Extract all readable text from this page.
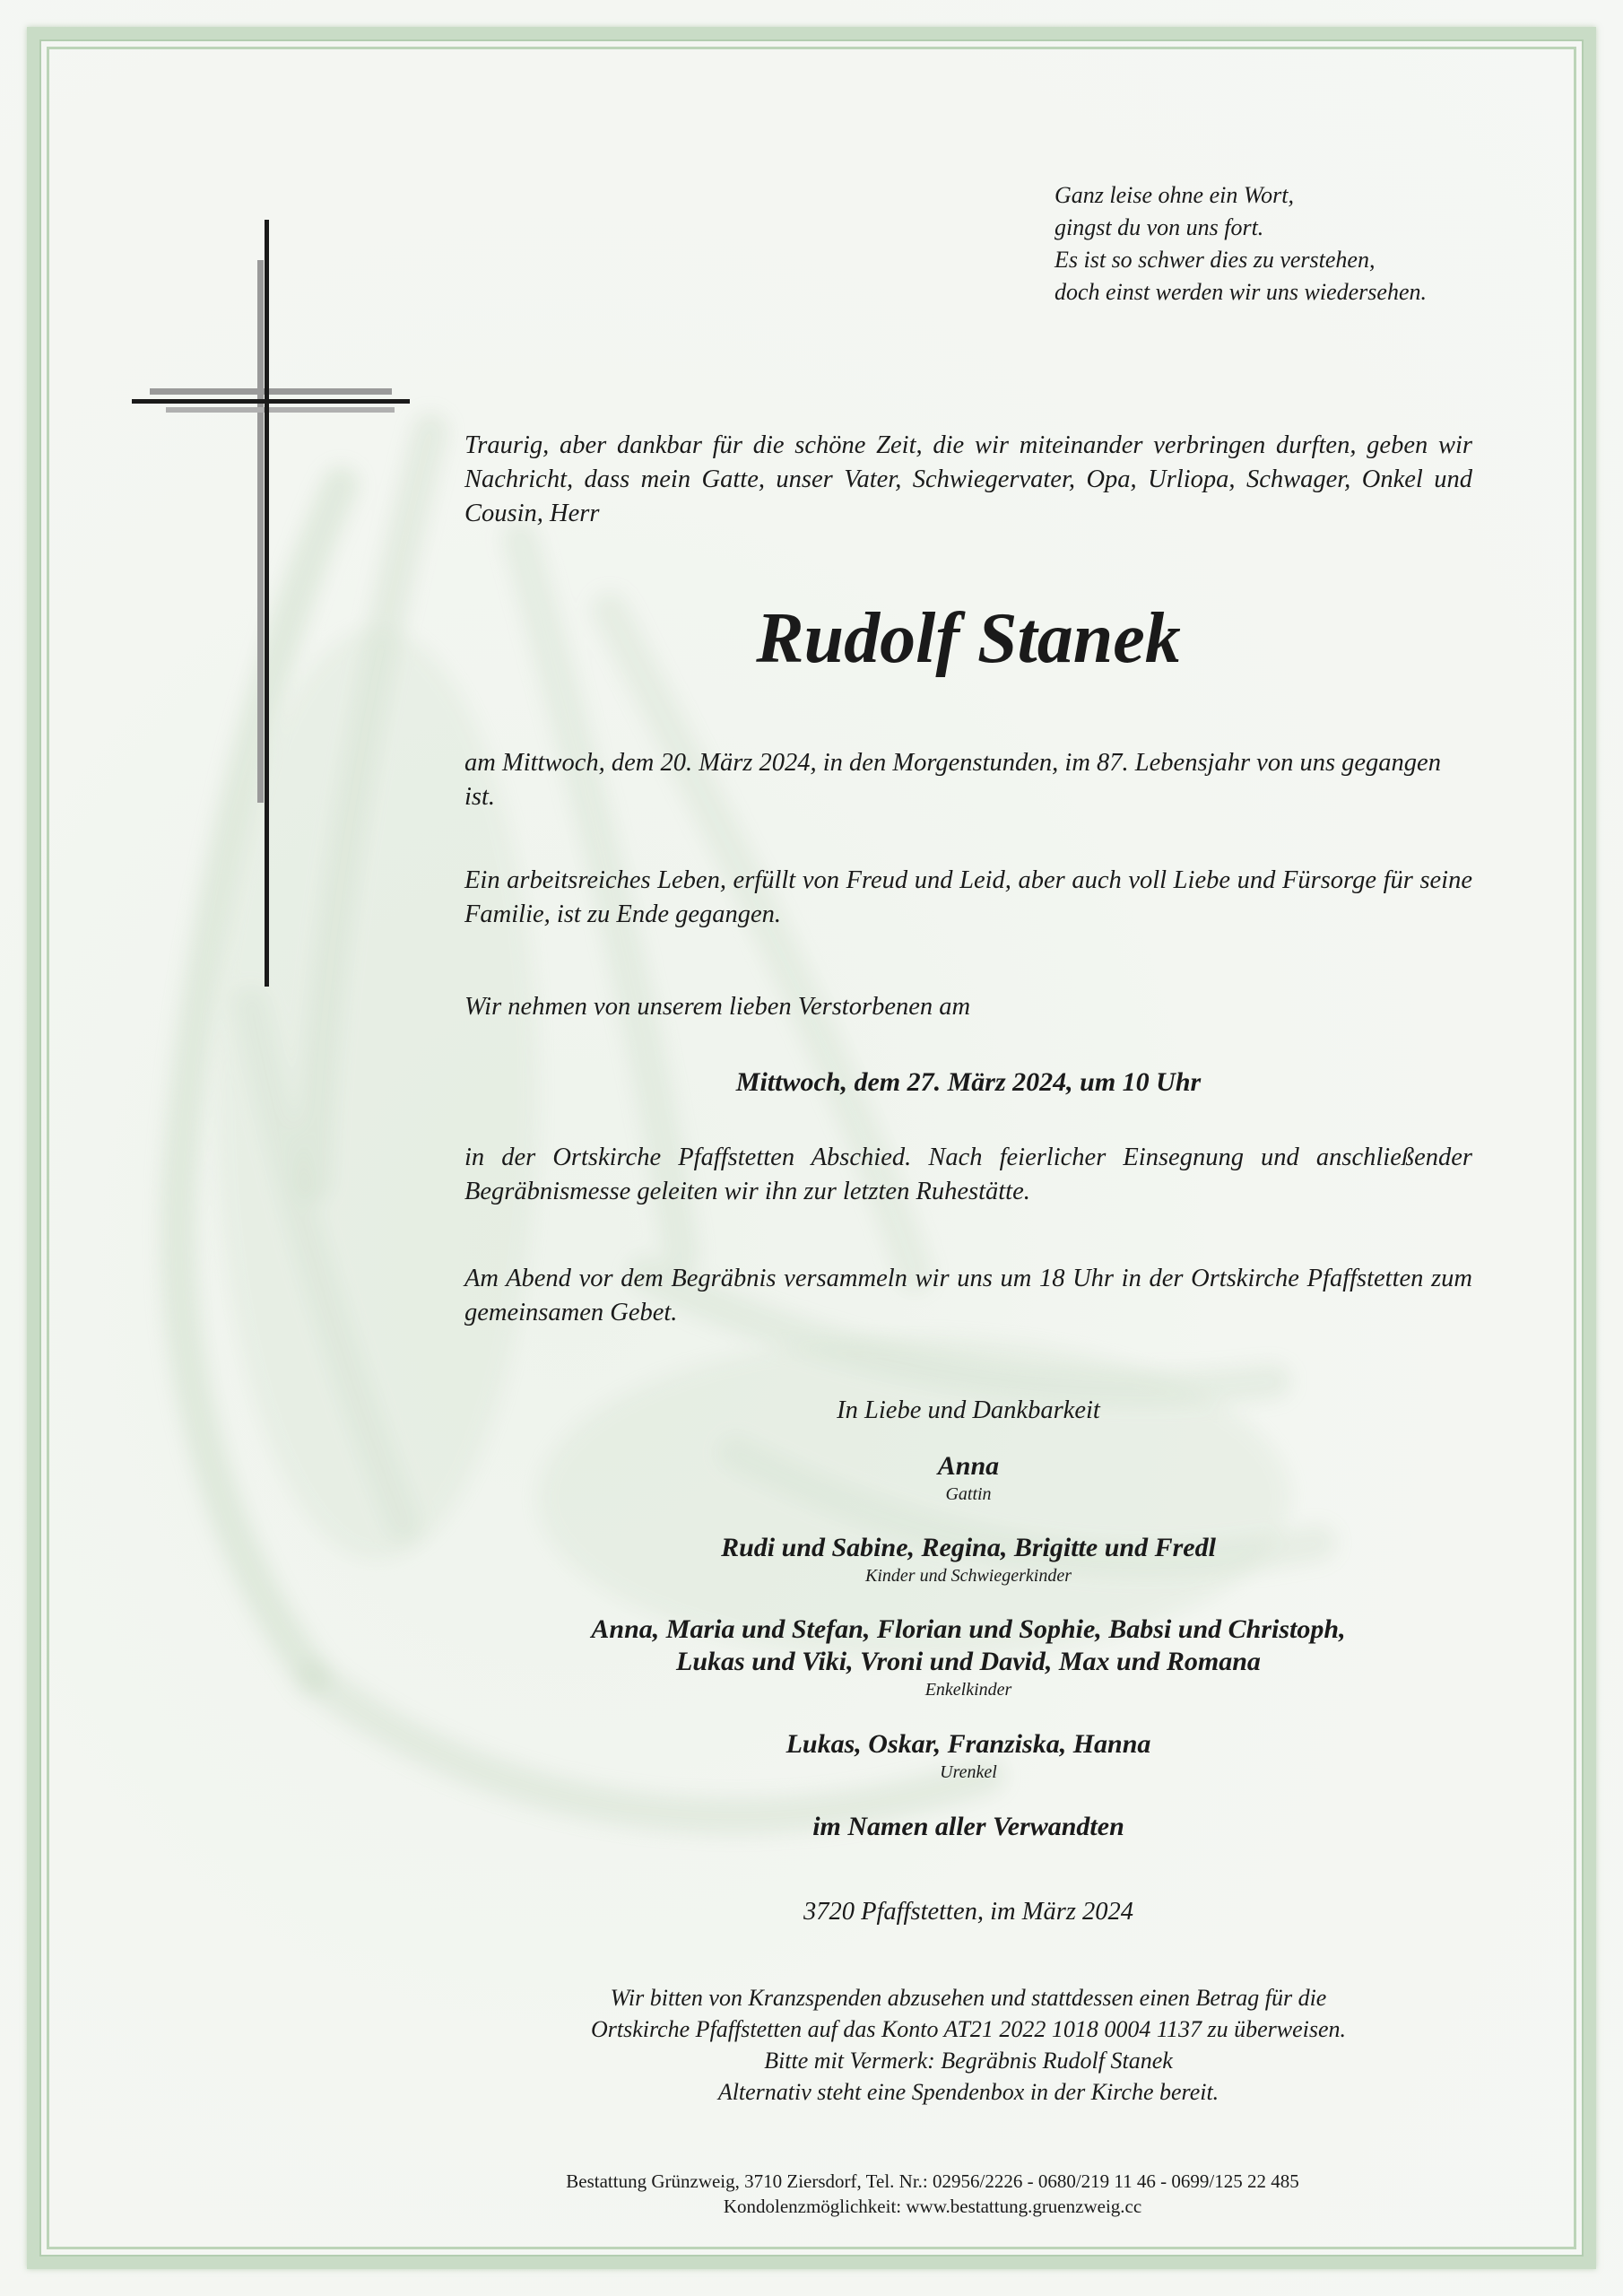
Ganz leise ohne ein Wort,
gingst du von uns fort.
Es ist so schwer dies zu verstehen,
doch einst werden wir uns wiedersehen.
Traurig, aber dankbar für die schöne Zeit, die wir miteinander verbringen durften, geben wir Nachricht, dass mein Gatte, unser Vater, Schwiegervater, Opa, Urliopa, Schwager, Onkel und Cousin, Herr
Rudolf Stanek
am Mittwoch, dem 20. März 2024, in den Morgenstunden, im 87. Lebensjahr von uns gegangen ist.
Ein arbeitsreiches Leben, erfüllt von Freud und Leid, aber auch voll Liebe und Fürsorge für seine Familie, ist zu Ende gegangen.
Wir nehmen von unserem lieben Verstorbenen am
Mittwoch, dem 27. März 2024, um 10 Uhr
in der Ortskirche Pfaffstetten Abschied. Nach feierlicher Einsegnung und anschließender Begräbnismesse geleiten wir ihn zur letzten Ruhestätte.
Am Abend vor dem Begräbnis versammeln wir uns um 18 Uhr in der Ortskirche Pfaffstetten zum gemeinsamen Gebet.
In Liebe und Dankbarkeit
Anna
Gattin
Rudi und Sabine, Regina, Brigitte und Fredl
Kinder und Schwiegerkinder
Anna, Maria und Stefan, Florian und Sophie, Babsi und Christoph,
Lukas und Viki, Vroni und David, Max und Romana
Enkelkinder
Lukas, Oskar, Franziska, Hanna
Urenkel
im Namen aller Verwandten
3720 Pfaffstetten, im März 2024
Wir bitten von Kranzspenden abzusehen und stattdessen einen Betrag für die
Ortskirche Pfaffstetten auf das Konto AT21 2022 1018 0004 1137 zu überweisen.
Bitte mit Vermerk: Begräbnis Rudolf Stanek
Alternativ steht eine Spendenbox in der Kirche bereit.
Bestattung Grünzweig, 3710 Ziersdorf, Tel. Nr.: 02956/2226 - 0680/219 11 46 - 0699/125 22 485
Kondolenzmöglichkeit: www.bestattung.gruenzweig.cc
